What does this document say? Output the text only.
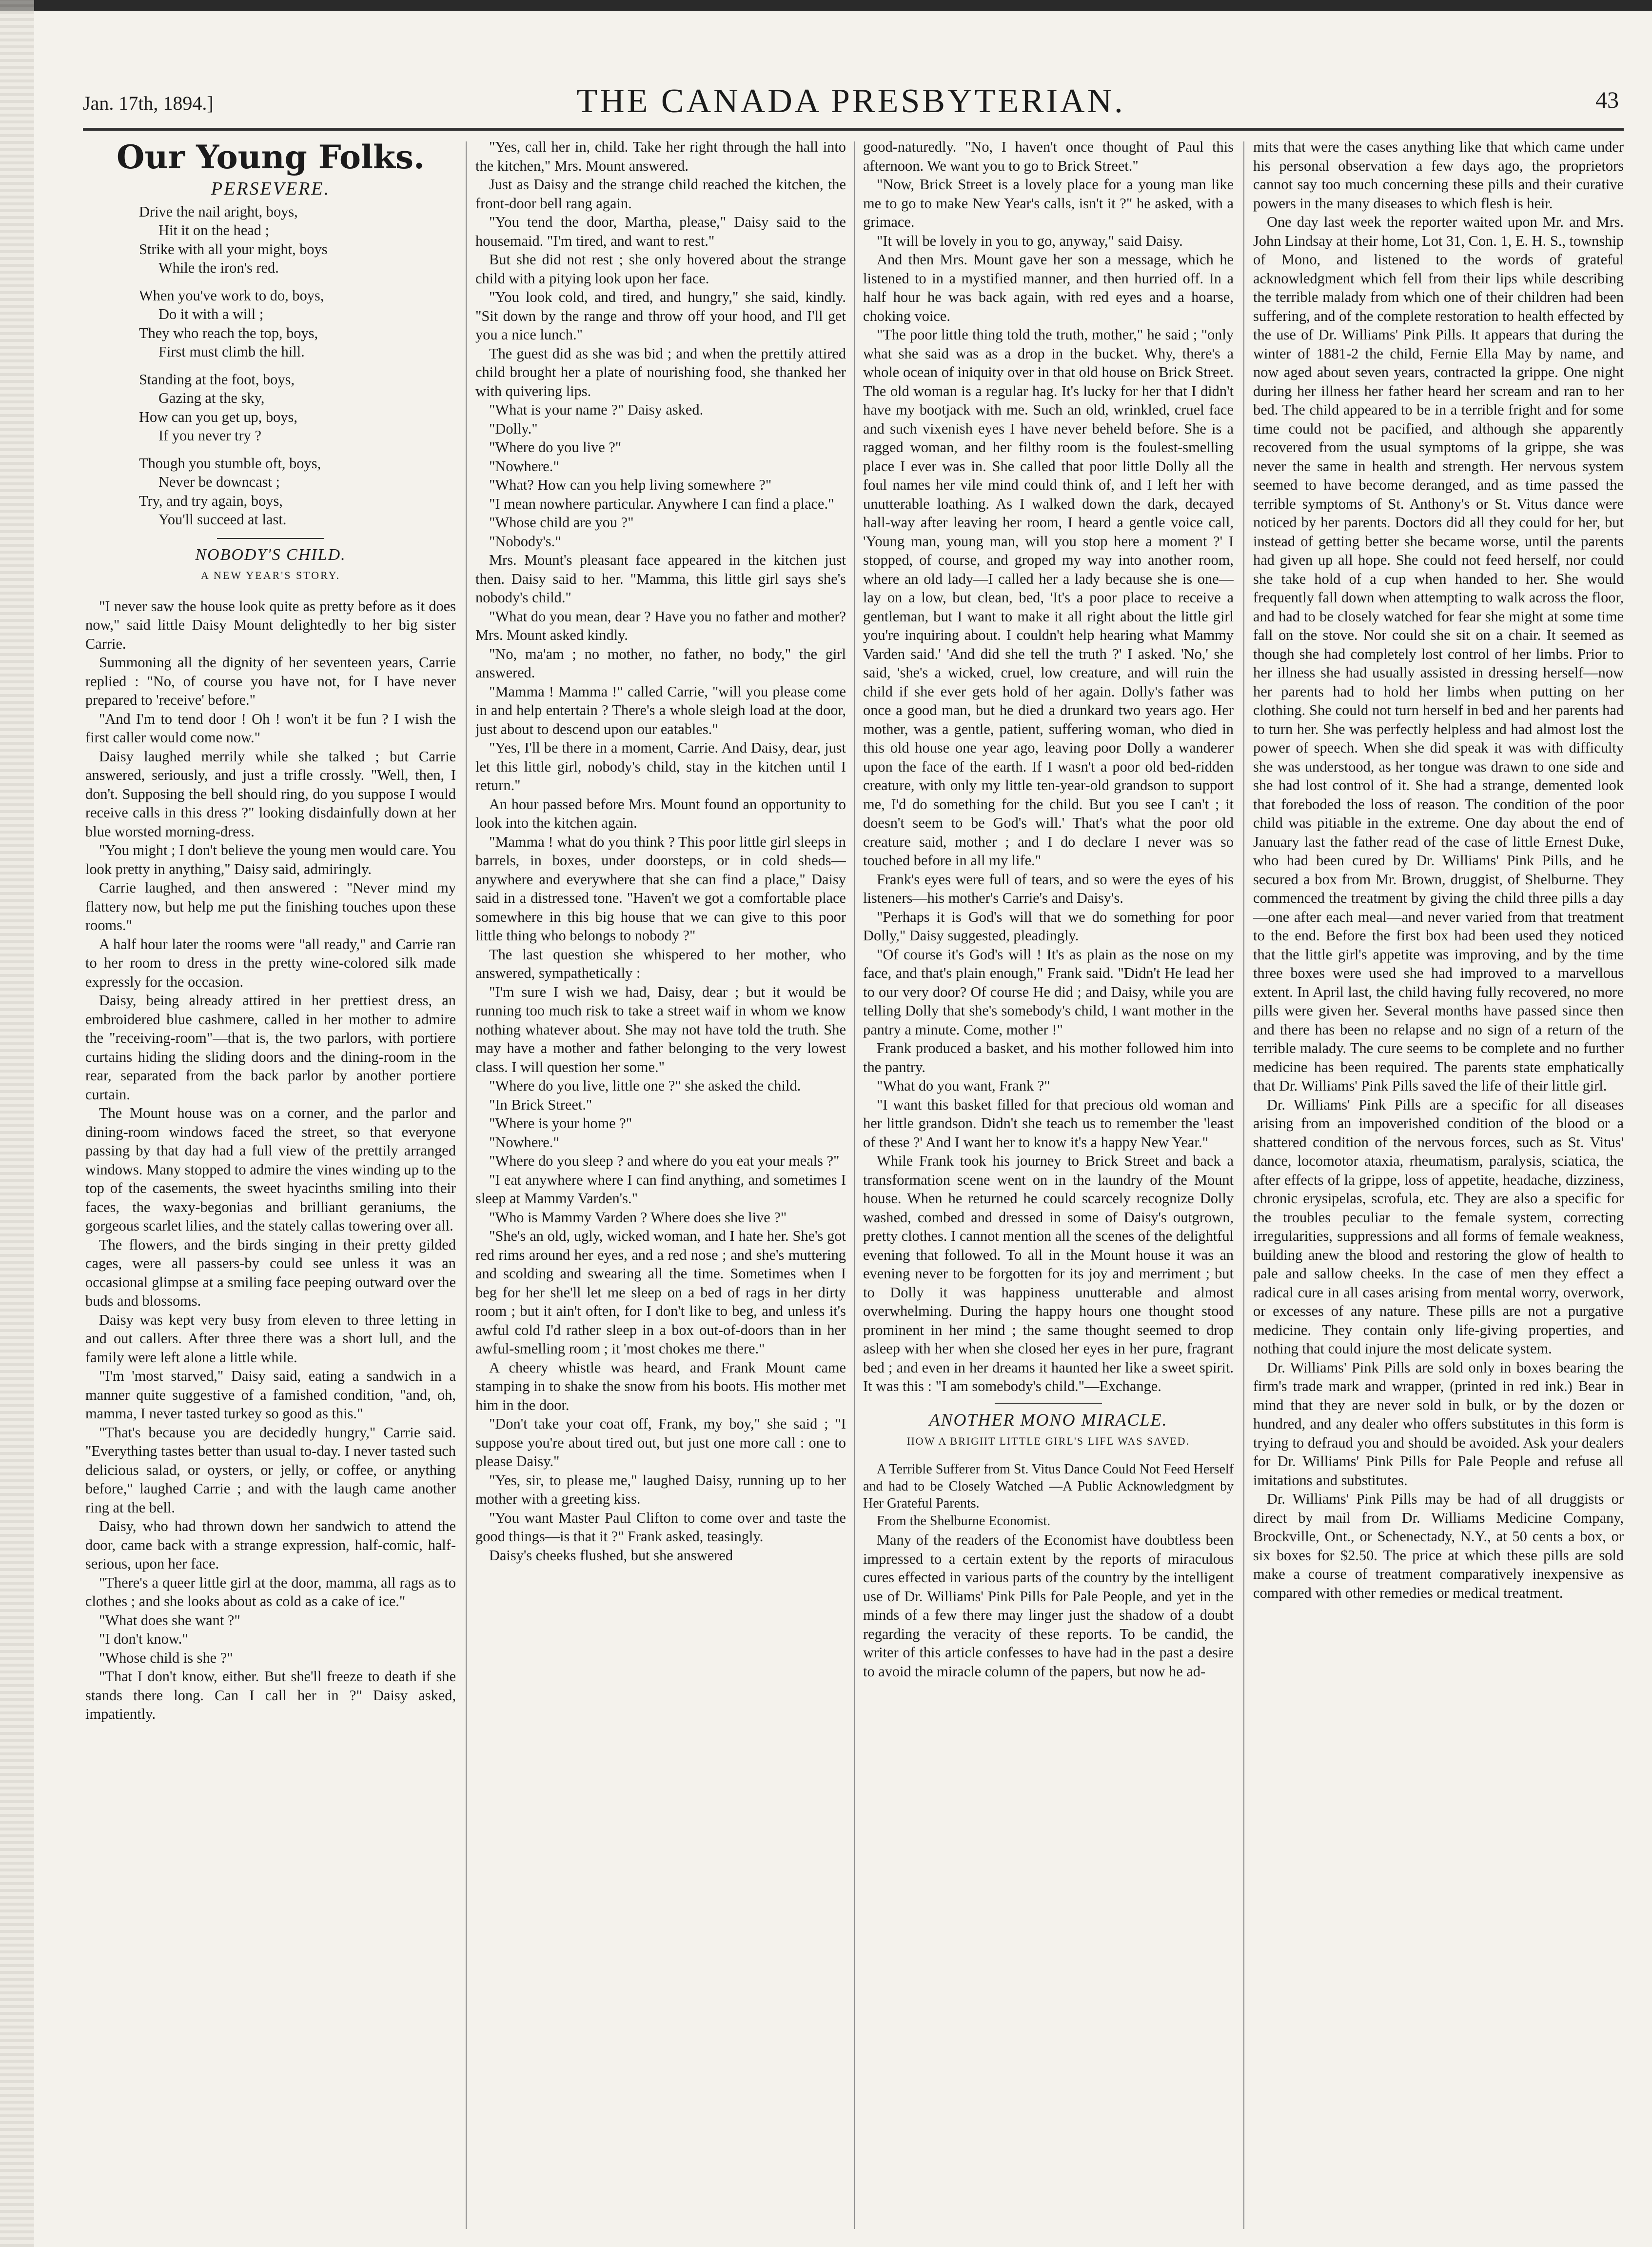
Jan. 17th, 1894.]	THE CANADA PRESBYTERIAN.	43
Our Young Folks.
PERSEVERE.
Drive the nail aright, boys,
Hit it on the head ;
Strike with all your might, boys
While the iron's red.
When you've work to do, boys,
Do it with a will ;
They who reach the top, boys,
First must climb the hill.
Standing at the foot, boys,
Gazing at the sky,
How can you get up, boys,
If you never try ?
Though you stumble oft, boys,
Never be downcast ;
Try, and try again, boys,
You'll succeed at last.
NOBODY'S CHILD.
A NEW YEAR'S STORY.

"I never saw the house look quite as pretty before as it does now," said little Daisy Mount delightedly to her big sister Carrie.

Summoning all the dignity of her seventeen years, Carrie replied : "No, of course you have not, for I have never prepared to 'receive' before."

"And I'm to tend door ! Oh ! won't it be fun ? I wish the first caller would come now."

Daisy laughed merrily while she talked ; but Carrie answered, seriously, and just a trifle crossly. "Well, then, I don't. Supposing the bell should ring, do you suppose I would receive calls in this dress ?" looking disdainfully down at her blue worsted morning-dress.

"You might ; I don't believe the young men would care. You look pretty in anything," Daisy said, admiringly.

Carrie laughed, and then answered : "Never mind my flattery now, but help me put the finishing touches upon these rooms."

A half hour later the rooms were "all ready," and Carrie ran to her room to dress in the pretty wine-colored silk made expressly for the occasion.

Daisy, being already attired in her prettiest dress, an embroidered blue cashmere, called in her mother to admire the "receiving-room"—that is, the two parlors, with portiere curtains hiding the sliding doors and the dining-room in the rear, separated from the back parlor by another portiere curtain.

The Mount house was on a corner, and the parlor and dining-room windows faced the street, so that everyone passing by that day had a full view of the prettily arranged windows. Many stopped to admire the vines winding up to the top of the casements, the sweet hyacinths smiling into their faces, the waxy-begonias and brilliant geraniums, the gorgeous scarlet lilies, and the stately callas towering over all.

The flowers, and the birds singing in their pretty gilded cages, were all passers-by could see unless it was an occasional glimpse at a smiling face peeping outward over the buds and blossoms.

Daisy was kept very busy from eleven to three letting in and out callers. After three there was a short lull, and the family were left alone a little while.

"I'm 'most starved," Daisy said, eating a sandwich in a manner quite suggestive of a famished condition, "and, oh, mamma, I never tasted turkey so good as this."

"That's because you are decidedly hungry," Carrie said. "Everything tastes better than usual to-day. I never tasted such delicious salad, or oysters, or jelly, or coffee, or anything before," laughed Carrie ; and with the laugh came another ring at the bell.

Daisy, who had thrown down her sandwich to attend the door, came back with a strange expression, half-comic, half-serious, upon her face.

"There's a queer little girl at the door, mamma, all rags as to clothes ; and she looks about as cold as a cake of ice."

"What does she want ?"

"I don't know."

"Whose child is she ?"

"That I don't know, either. But she'll freeze to death if she stands there long. Can I call her in ?" Daisy asked, impatiently.

"Yes, call her in, child. Take her right through the hall into the kitchen," Mrs. Mount answered.

Just as Daisy and the strange child reached the kitchen, the front-door bell rang again.

"You tend the door, Martha, please," Daisy said to the housemaid. "I'm tired, and want to rest."

But she did not rest ; she only hovered about the strange child with a pitying look upon her face.

"You look cold, and tired, and hungry," she said, kindly. "Sit down by the range and throw off your hood, and I'll get you a nice lunch."

The guest did as she was bid ; and when the prettily attired child brought her a plate of nourishing food, she thanked her with quivering lips.

"What is your name ?" Daisy asked.

"Dolly."

"Where do you live ?"

"Nowhere."

"What? How can you help living somewhere ?"

"I mean nowhere particular. Anywhere I can find a place."

"Whose child are you ?"

"Nobody's."

Mrs. Mount's pleasant face appeared in the kitchen just then. Daisy said to her. "Mamma, this little girl says she's nobody's child."

"What do you mean, dear ? Have you no father and mother? Mrs. Mount asked kindly.

"No, ma'am ; no mother, no father, no body," the girl answered.

"Mamma ! Mamma !" called Carrie, "will you please come in and help entertain ? There's a whole sleigh load at the door, just about to descend upon our eatables."

"Yes, I'll be there in a moment, Carrie. And Daisy, dear, just let this little girl, nobody's child, stay in the kitchen until I return."

An hour passed before Mrs. Mount found an opportunity to look into the kitchen again.

"Mamma ! what do you think ? This poor little girl sleeps in barrels, in boxes, under doorsteps, or in cold sheds—anywhere and everywhere that she can find a place," Daisy said in a distressed tone. "Haven't we got a comfortable place somewhere in this big house that we can give to this poor little thing who belongs to nobody ?"

The last question she whispered to her mother, who answered, sympathetically :

"I'm sure I wish we had, Daisy, dear ; but it would be running too much risk to take a street waif in whom we know nothing whatever about. She may not have told the truth. She may have a mother and father belonging to the very lowest class. I will question her some."

"Where do you live, little one ?" she asked the child.

"In Brick Street."

"Where is your home ?"

"Nowhere."

"Where do you sleep ? and where do you eat your meals ?"

"I eat anywhere where I can find anything, and sometimes I sleep at Mammy Varden's."

"Who is Mammy Varden ? Where does she live ?"

"She's an old, ugly, wicked woman, and I hate her. She's got red rims around her eyes, and a red nose ; and she's muttering and scolding and swearing all the time. Sometimes when I beg for her she'll let me sleep on a bed of rags in her dirty room ; but it ain't often, for I don't like to beg, and unless it's awful cold I'd rather sleep in a box out-of-doors than in her awful-smelling room ; it 'most chokes me there."

A cheery whistle was heard, and Frank Mount came stamping in to shake the snow from his boots. His mother met him in the door.

"Don't take your coat off, Frank, my boy," she said ; "I suppose you're about tired out, but just one more call : one to please Daisy."

"Yes, sir, to please me," laughed Daisy, running up to her mother with a greeting kiss.

"You want Master Paul Clifton to come over and taste the good things—is that it ?" Frank asked, teasingly.

Daisy's cheeks flushed, but she answered

good-naturedly. "No, I haven't once thought of Paul this afternoon. We want you to go to Brick Street."

"Now, Brick Street is a lovely place for a young man like me to go to make New Year's calls, isn't it ?" he asked, with a grimace.

"It will be lovely in you to go, anyway," said Daisy.

And then Mrs. Mount gave her son a message, which he listened to in a mystified manner, and then hurried off. In a half hour he was back again, with red eyes and a hoarse, choking voice.

"The poor little thing told the truth, mother," he said ; "only what she said was as a drop in the bucket. Why, there's a whole ocean of iniquity over in that old house on Brick Street. The old woman is a regular hag. It's lucky for her that I didn't have my bootjack with me. Such an old, wrinkled, cruel face and such vixenish eyes I have never beheld before. She is a ragged woman, and her filthy room is the foulest-smelling place I ever was in. She called that poor little Dolly all the foul names her vile mind could think of, and I left her with unutterable loathing. As I walked down the dark, decayed hall-way after leaving her room, I heard a gentle voice call, 'Young man, young man, will you stop here a moment ?' I stopped, of course, and groped my way into another room, where an old lady—I called her a lady because she is one—lay on a low, but clean, bed, 'It's a poor place to receive a gentleman, but I want to make it all right about the little girl you're inquiring about. I couldn't help hearing what Mammy Varden said.' 'And did she tell the truth ?' I asked. 'No,' she said, 'she's a wicked, cruel, low creature, and will ruin the child if she ever gets hold of her again. Dolly's father was once a good man, but he died a drunkard two years ago. Her mother, was a gentle, patient, suffering woman, who died in this old house one year ago, leaving poor Dolly a wanderer upon the face of the earth. If I wasn't a poor old bed-ridden creature, with only my little ten-year-old grandson to support me, I'd do something for the child. But you see I can't ; it doesn't seem to be God's will.' That's what the poor old creature said, mother ; and I do declare I never was so touched before in all my life."

Frank's eyes were full of tears, and so were the eyes of his listeners—his mother's Carrie's and Daisy's.

"Perhaps it is God's will that we do something for poor Dolly," Daisy suggested, pleadingly.

"Of course it's God's will ! It's as plain as the nose on my face, and that's plain enough," Frank said. "Didn't He lead her to our very door? Of course He did ; and Daisy, while you are telling Dolly that she's somebody's child, I want mother in the pantry a minute. Come, mother !"

Frank produced a basket, and his mother followed him into the pantry.

"What do you want, Frank ?"

"I want this basket filled for that precious old woman and her little grandson. Didn't she teach us to remember the 'least of these ?' And I want her to know it's a happy New Year."

While Frank took his journey to Brick Street and back a transformation scene went on in the laundry of the Mount house. When he returned he could scarcely recognize Dolly washed, combed and dressed in some of Daisy's outgrown, pretty clothes. I cannot mention all the scenes of the delightful evening that followed. To all in the Mount house it was an evening never to be forgotten for its joy and merriment ; but to Dolly it was happiness unutterable and almost overwhelming. During the happy hours one thought stood prominent in her mind ; the same thought seemed to drop asleep with her when she closed her eyes in her pure, fragrant bed ; and even in her dreams it haunted her like a sweet spirit. It was this : "I am somebody's child."—Exchange.

ANOTHER MONO MIRACLE.
HOW A BRIGHT LITTLE GIRL'S LIFE WAS SAVED.

A Terrible Sufferer from St. Vitus Dance Could Not Feed Herself and had to be Closely Watched —A Public Acknowledgment by Her Grateful Parents.

From the Shelburne Economist.

Many of the readers of the Economist have doubtless been impressed to a certain extent by the reports of miraculous cures effected in various parts of the country by the intelligent use of Dr. Williams' Pink Pills for Pale People, and yet in the minds of a few there may linger just the shadow of a doubt regarding the veracity of these reports. To be candid, the writer of this article confesses to have had in the past a desire to avoid the miracle column of the papers, but now he ad-

mits that were the cases anything like that which came under his personal observation a few days ago, the proprietors cannot say too much concerning these pills and their curative powers in the many diseases to which flesh is heir.

One day last week the reporter waited upon Mr. and Mrs. John Lindsay at their home, Lot 31, Con. 1, E. H. S., township of Mono, and listened to the words of grateful acknowledgment which fell from their lips while describing the terrible malady from which one of their children had been suffering, and of the complete restoration to health effected by the use of Dr. Williams' Pink Pills. It appears that during the winter of 1881-2 the child, Fernie Ella May by name, and now aged about seven years, contracted la grippe. One night during her illness her father heard her scream and ran to her bed. The child appeared to be in a terrible fright and for some time could not be pacified, and although she apparently recovered from the usual symptoms of la grippe, she was never the same in health and strength. Her nervous system seemed to have become deranged, and as time passed the terrible symptoms of St. Anthony's or St. Vitus dance were noticed by her parents. Doctors did all they could for her, but instead of getting better she became worse, until the parents had given up all hope. She could not feed herself, nor could she take hold of a cup when handed to her. She would frequently fall down when attempting to walk across the floor, and had to be closely watched for fear she might at some time fall on the stove. Nor could she sit on a chair. It seemed as though she had completely lost control of her limbs. Prior to her illness she had usually assisted in dressing herself—now her parents had to hold her limbs when putting on her clothing. She could not turn herself in bed and her parents had to turn her. She was perfectly helpless and had almost lost the power of speech. When she did speak it was with difficulty she was understood, as her tongue was drawn to one side and she had lost control of it. She had a strange, demented look that foreboded the loss of reason. The condition of the poor child was pitiable in the extreme. One day about the end of January last the father read of the case of little Ernest Duke, who had been cured by Dr. Williams' Pink Pills, and he secured a box from Mr. Brown, druggist, of Shelburne. They commenced the treatment by giving the child three pills a day—one after each meal—and never varied from that treatment to the end. Before the first box had been used they noticed that the little girl's appetite was improving, and by the time three boxes were used she had improved to a marvellous extent. In April last, the child having fully recovered, no more pills were given her. Several months have passed since then and there has been no relapse and no sign of a return of the terrible malady. The cure seems to be complete and no further medicine has been required. The parents state emphatically that Dr. Williams' Pink Pills saved the life of their little girl.

Dr. Williams' Pink Pills are a specific for all diseases arising from an impoverished condition of the blood or a shattered condition of the nervous forces, such as St. Vitus' dance, locomotor ataxia, rheumatism, paralysis, sciatica, the after effects of la grippe, loss of appetite, headache, dizziness, chronic erysipelas, scrofula, etc. They are also a specific for the troubles peculiar to the female system, correcting irregularities, suppressions and all forms of female weakness, building anew the blood and restoring the glow of health to pale and sallow cheeks. In the case of men they effect a radical cure in all cases arising from mental worry, overwork, or excesses of any nature. These pills are not a purgative medicine. They contain only life-giving properties, and nothing that could injure the most delicate system.

Dr. Williams' Pink Pills are sold only in boxes bearing the firm's trade mark and wrapper, (printed in red ink.) Bear in mind that they are never sold in bulk, or by the dozen or hundred, and any dealer who offers substitutes in this form is trying to defraud you and should be avoided. Ask your dealers for Dr. Williams' Pink Pills for Pale People and refuse all imitations and substitutes.

Dr. Williams' Pink Pills may be had of all druggists or direct by mail from Dr. Williams Medicine Company, Brockville, Ont., or Schenectady, N.Y., at 50 cents a box, or six boxes for $2.50. The price at which these pills are sold make a course of treatment comparatively inexpensive as compared with other remedies or medical treatment.
